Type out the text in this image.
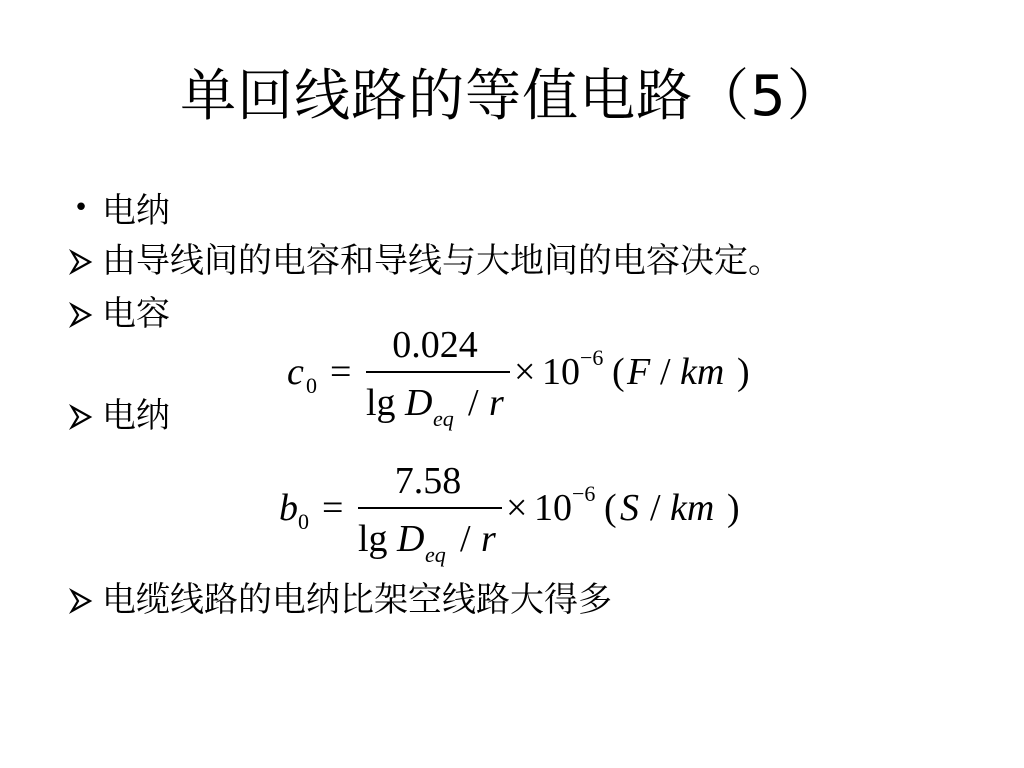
单回线路的等值电路（5）
• 电纳
由导线间的电容和导线与大地间的电容决定。
电容
电纳
电缆线路的电纳比架空线路大得多
c 0 =
0.024
lg D eq / r
× 10 −6 ( F / km )
b 0 =
7.58
lg D eq / r
× 10 −6 ( S / km )
